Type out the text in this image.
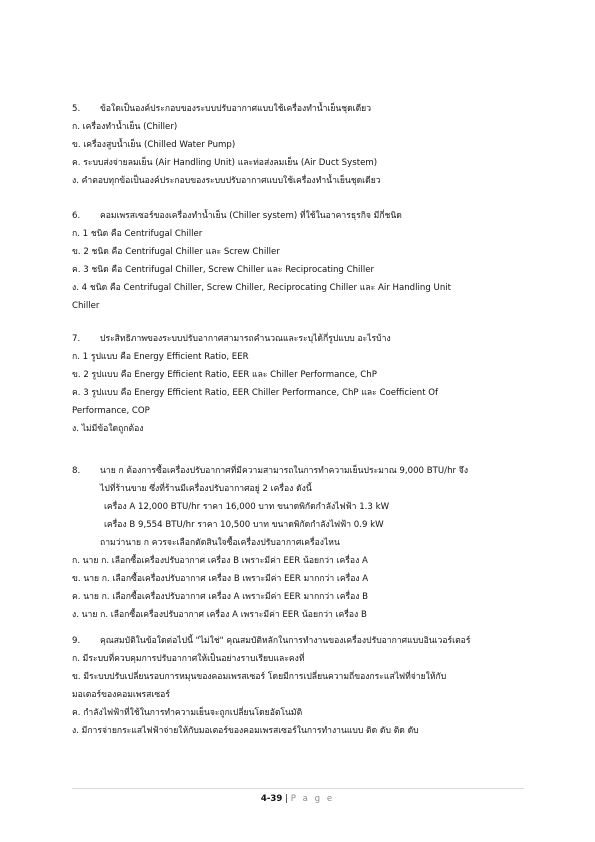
5.	ข้อใดเป็นองค์ประกอบของระบบปรับอากาศแบบใช้เครื่องทำน้ำเย็นชุดเดียว
ก. เครื่องทำน้ำเย็น (Chiller)
ข. เครื่องสูบน้ำเย็น (Chilled Water Pump)
ค. ระบบส่งจ่ายลมเย็น (Air Handling Unit) และท่อส่งลมเย็น (Air Duct System)
ง. คำตอบทุกข้อเป็นองค์ประกอบของระบบปรับอากาศแบบใช้เครื่องทำน้ำเย็นชุดเดียว
6.	คอมเพรสเซอร์ของเครื่องทำน้ำเย็น (Chiller system) ที่ใช้ในอาคารธุรกิจ มีกี่ชนิด
ก. 1 ชนิด คือ Centrifugal Chiller
ข. 2 ชนิด คือ Centrifugal Chiller และ Screw Chiller
ค. 3 ชนิด คือ Centrifugal Chiller, Screw Chiller และ Reciprocating Chiller
ง. 4 ชนิด คือ Centrifugal Chiller, Screw Chiller, Reciprocating Chiller และ Air Handling Unit
Chiller
7.	ประสิทธิภาพของระบบปรับอากาศสามารถคำนวณและระบุได้กี่รูปแบบ อะไรบ้าง
ก. 1 รูปแบบ คือ Energy Efficient Ratio, EER
ข. 2 รูปแบบ คือ Energy Efficient Ratio, EER และ Chiller Performance, ChP
ค. 3 รูปแบบ คือ Energy Efficient Ratio, EER Chiller Performance, ChP และ Coefficient Of
Performance, COP
ง. ไม่มีข้อใดถูกต้อง
8.	นาย ก ต้องการซื้อเครื่องปรับอากาศที่มีความสามารถในการทำความเย็นประมาณ 9,000 BTU/hr จึง
ไปที่ร้านขาย ซึ่งที่ร้านมีเครื่องปรับอากาศอยู่ 2 เครื่อง ดังนี้
เครื่อง A 12,000 BTU/hr ราคา 16,000 บาท ขนาดพิกัดกำลังไฟฟ้า 1.3 kW
เครื่อง B 9,554 BTU/hr ราคา 10,500 บาท ขนาดพิกัดกำลังไฟฟ้า 0.9 kW
ถามว่านาย ก ควรจะเลือกตัดสินใจซื้อเครื่องปรับอากาศเครื่องไหน
ก. นาย ก. เลือกซื้อเครื่องปรับอากาศ เครื่อง B เพราะมีค่า EER น้อยกว่า เครื่อง A
ข. นาย ก. เลือกซื้อเครื่องปรับอากาศ เครื่อง B เพราะมีค่า EER มากกว่า เครื่อง A
ค. นาย ก. เลือกซื้อเครื่องปรับอากาศ เครื่อง A เพราะมีค่า EER มากกว่า เครื่อง B
ง. นาย ก. เลือกซื้อเครื่องปรับอากาศ เครื่อง A เพราะมีค่า EER น้อยกว่า เครื่อง B
9.	คุณสมบัติในข้อใดต่อไปนี้ "ไม่ใช่" คุณสมบัติหลักในการทำงานของเครื่องปรับอากาศแบบอินเวอร์เตอร์
ก. มีระบบที่ควบคุมการปรับอากาศให้เป็นอย่างราบเรียบและคงที่
ข. มีระบบปรับเปลี่ยนรอบการหมุนของคอมเพรสเซอร์ โดยมีการเปลี่ยนความถี่ของกระแสไฟที่จ่ายให้กับ
มอเตอร์ของคอมเพรสเซอร์
ค. กำลังไฟฟ้าที่ใช้ในการทำความเย็นจะถูกเปลี่ยนโดยอัตโนมัติ
ง. มีการจ่ายกระแสไฟฟ้าจ่ายให้กับมอเตอร์ของคอมเพรสเซอร์ในการทำงานแบบ ติด ดับ ติด ดับ
4-39 | P a g e
